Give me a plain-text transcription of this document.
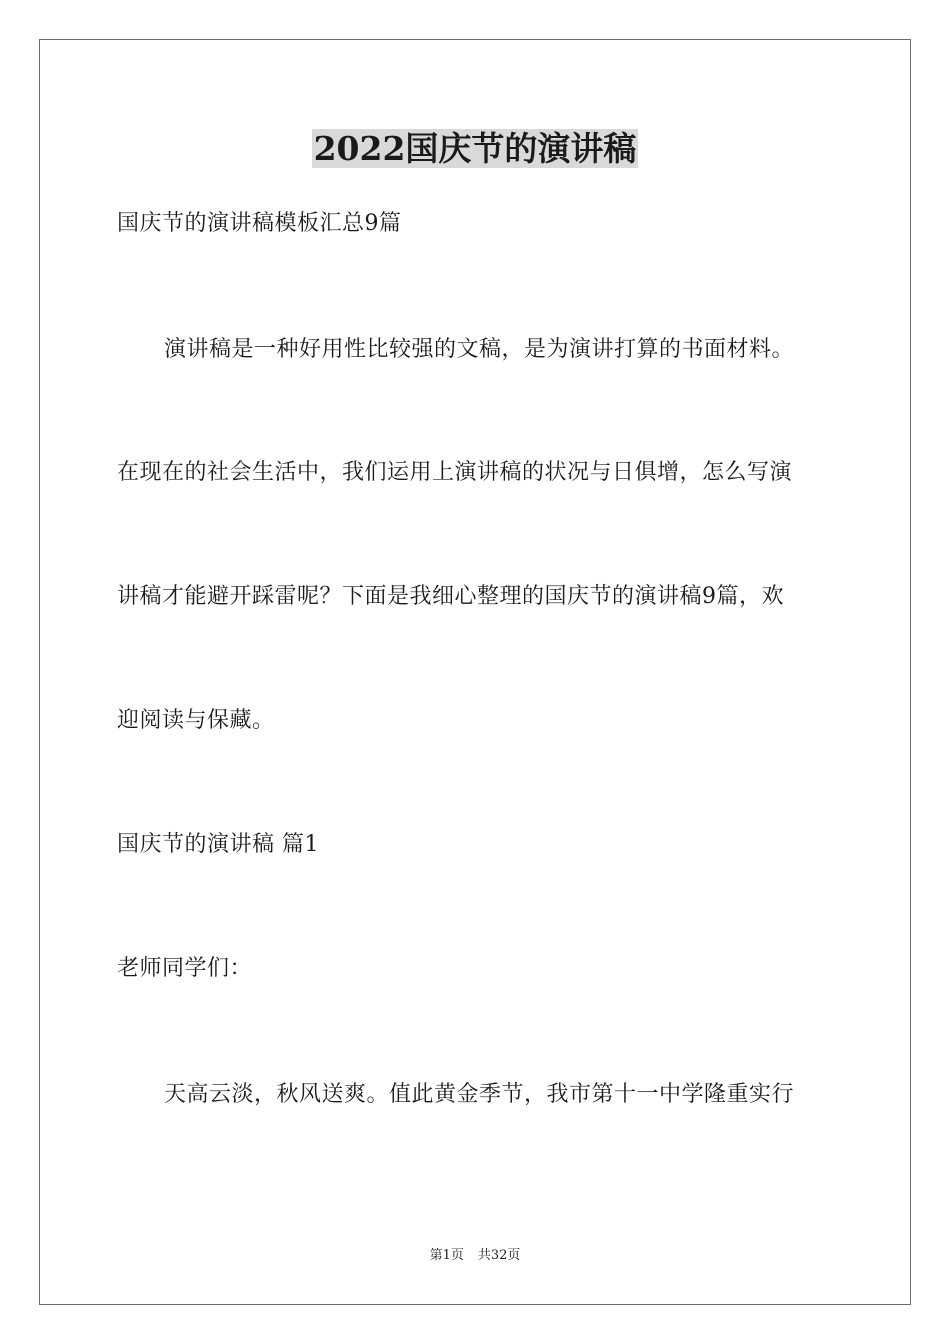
2022国庆节的演讲稿
国庆节的演讲稿模板汇总9篇
演讲稿是一种好用性比较强的文稿，是为演讲打算的书面材料。
在现在的社会生活中，我们运用上演讲稿的状况与日俱增，怎么写演
讲稿才能避开踩雷呢？下面是我细心整理的国庆节的演讲稿9篇，欢
迎阅读与保藏。
国庆节的演讲稿 篇1
老师同学们：
天高云淡，秋风送爽。值此黄金季节，我市第十一中学隆重实行
第1页 共32页
